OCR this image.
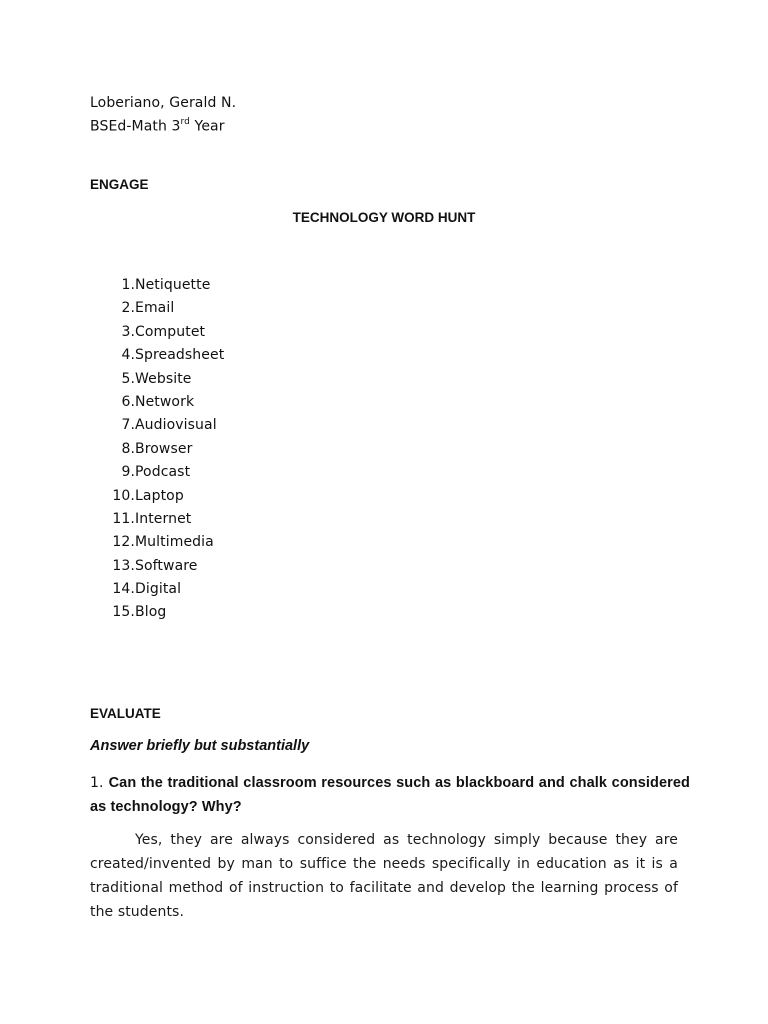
Loberiano, Gerald N.
BSEd-Math 3rd Year
ENGAGE
TECHNOLOGY WORD HUNT
1. Netiquette
2. Email
3. Computet
4. Spreadsheet
5. Website
6. Network
7. Audiovisual
8. Browser
9. Podcast
10. Laptop
11. Internet
12. Multimedia
13. Software
14. Digital
15. Blog
EVALUATE
Answer briefly but substantially
1. Can the traditional classroom resources such as blackboard and chalk considered as technology? Why?
Yes, they are always considered as technology simply because they are created/invented by man to suffice the needs specifically in education as it is a traditional method of instruction to facilitate and develop the learning process of the students.
